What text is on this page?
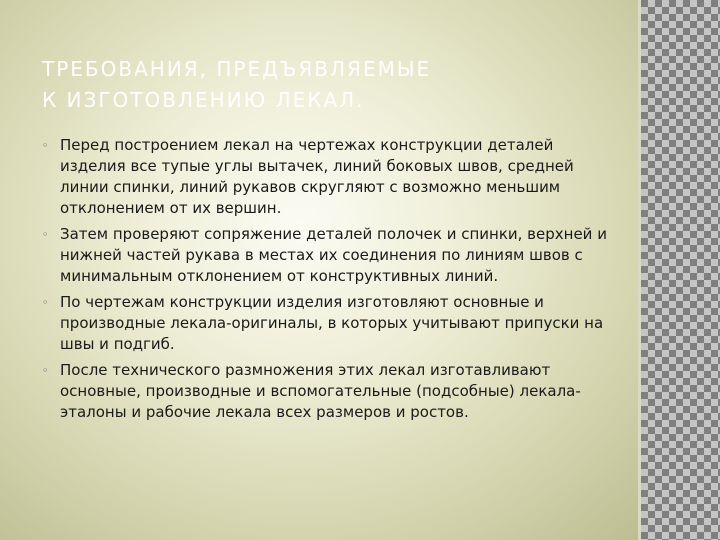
ТРЕБОВАНИЯ, ПРЕДЪЯВЛЯЕМЫЕ
К ИЗГОТОВЛЕНИЮ ЛЕКАЛ.
◦ Перед построением лекал на чертежах конструкции деталей изделия все тупые углы вытачек, линий боковых швов, средней линии спинки, линий рукавов скругляют с возможно меньшим отклонением от их вершин.
◦ Затем проверяют сопряжение деталей полочек и спинки, верхней и нижней частей рукава в местах их соединения по линиям швов с минимальным отклонением от конструктивных линий.
◦ По чертежам конструкции изделия изготовляют основные и производные лекала-оригиналы, в которых учитывают припуски на швы и подгиб.
◦ После технического размножения этих лекал изготавливают основные, производные и вспомогательные (подсобные) лекала-эталоны и рабочие лекала всех размеров и ростов.
